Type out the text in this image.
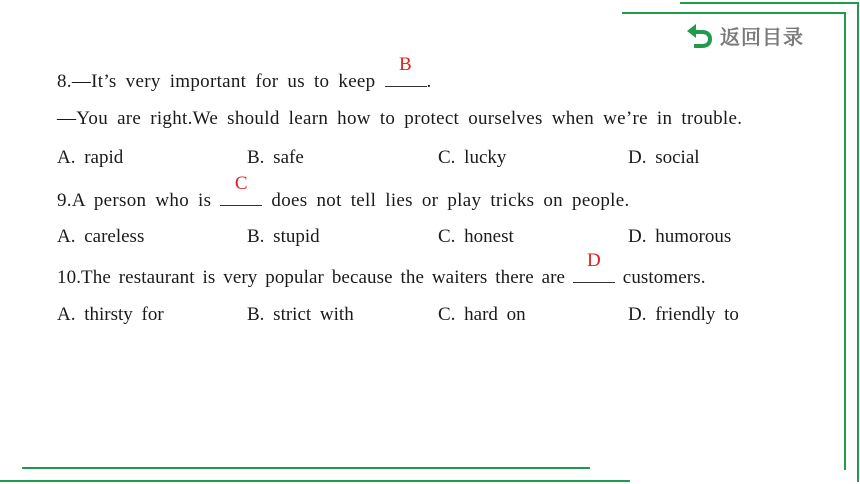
返回目录
8.—It’s very important for us to keep
B
.
—You are right.We should learn how to protect ourselves when we’re in trouble.
A. rapid	B. safe	C. lucky	D. social
9.A person who is
C
does not tell lies or play tricks on people.
A. careless	B. stupid	C. honest	D. humorous
10.The restaurant is very popular because the waiters there are
D
customers.
A. thirsty for	B. strict with	C. hard on	D. friendly to
